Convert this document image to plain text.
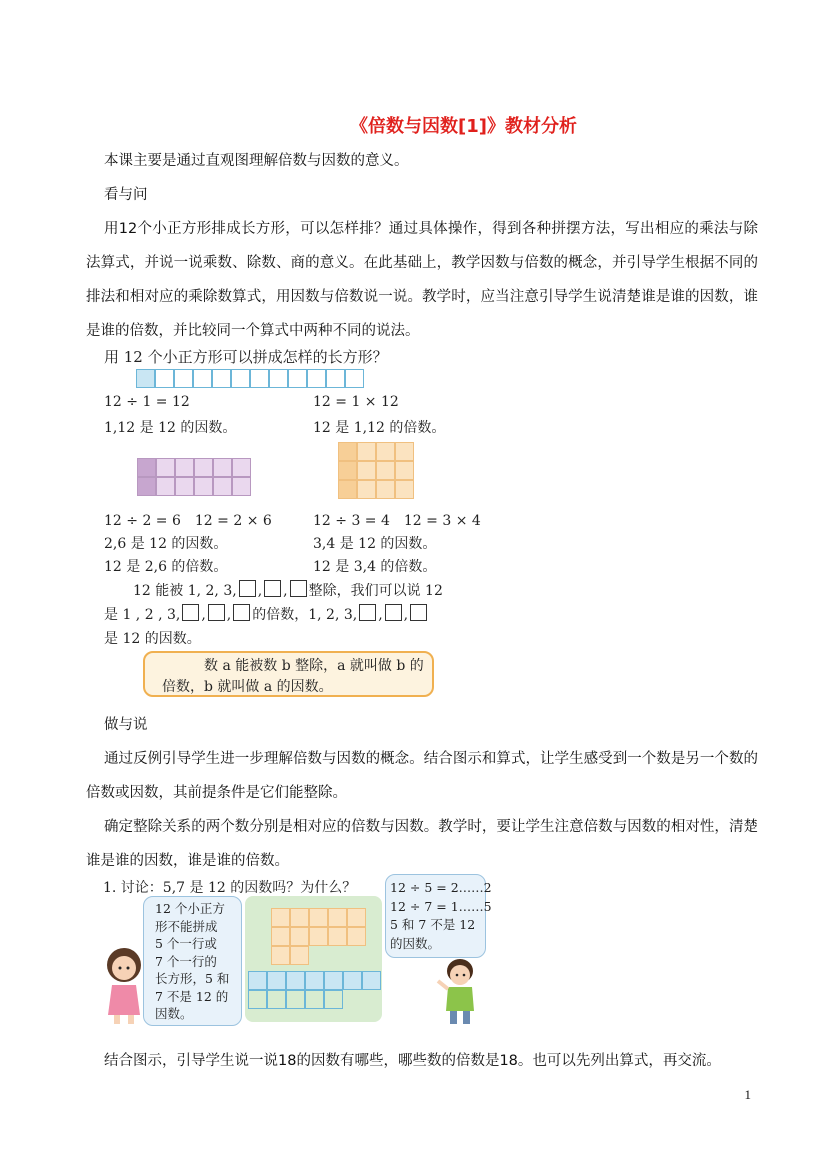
《倍数与因数[1]》教材分析
本课主要是通过直观图理解倍数与因数的意义。
看与问
用12个小正方形排成长方形，可以怎样排？通过具体操作，得到各种拼摆方法，写出相应的乘法与除法算式，并说一说乘数、除数、商的意义。在此基础上，教学因数与倍数的概念，并引导学生根据不同的排法和相对应的乘除数算式，用因数与倍数说一说。教学时，应当注意引导学生说清楚谁是谁的因数，谁是谁的倍数，并比较同一个算式中两种不同的说法。
用 12 个小正方形可以拼成怎样的长方形？
12 ÷ 1 = 12	12 = 1 × 12
1,12 是 12 的因数。	12 是 1,12 的倍数。
12 ÷ 2 = 6　12 = 2 × 6	12 ÷ 3 = 4　12 = 3 × 4
2,6 是 12 的因数。	3,4 是 12 的因数。
12 是 2,6 的倍数。	12 是 3,4 的倍数。
12 能被 1, 2, 3, , , 整除，我们可以说 12
是 1 , 2 , 3, , , 的倍数，1, 2, 3, , ,
是 12 的因数。
数 a 能被数 b 整除，a 就叫做 b 的
倍数，b 就叫做 a 的因数。
做与说
通过反例引导学生进一步理解倍数与因数的概念。结合图示和算式，让学生感受到一个数是另一个数的倍数或因数，其前提条件是它们能整除。
确定整除关系的两个数分别是相对应的倍数与因数。教学时，要让学生注意倍数与因数的相对性，清楚谁是谁的因数，谁是谁的倍数。
1. 讨论：5,7 是 12 的因数吗？为什么？
12 个小正方
形不能拼成
5 个一行或
7 个一行的
长方形，5 和
7 不是 12 的
因数。
12 ÷ 5 = 2……2
12 ÷ 7 = 1……5
5 和 7 不是 12
的因数。
结合图示，引导学生说一说18的因数有哪些，哪些数的倍数是18。也可以先列出算式，再交流。
1
